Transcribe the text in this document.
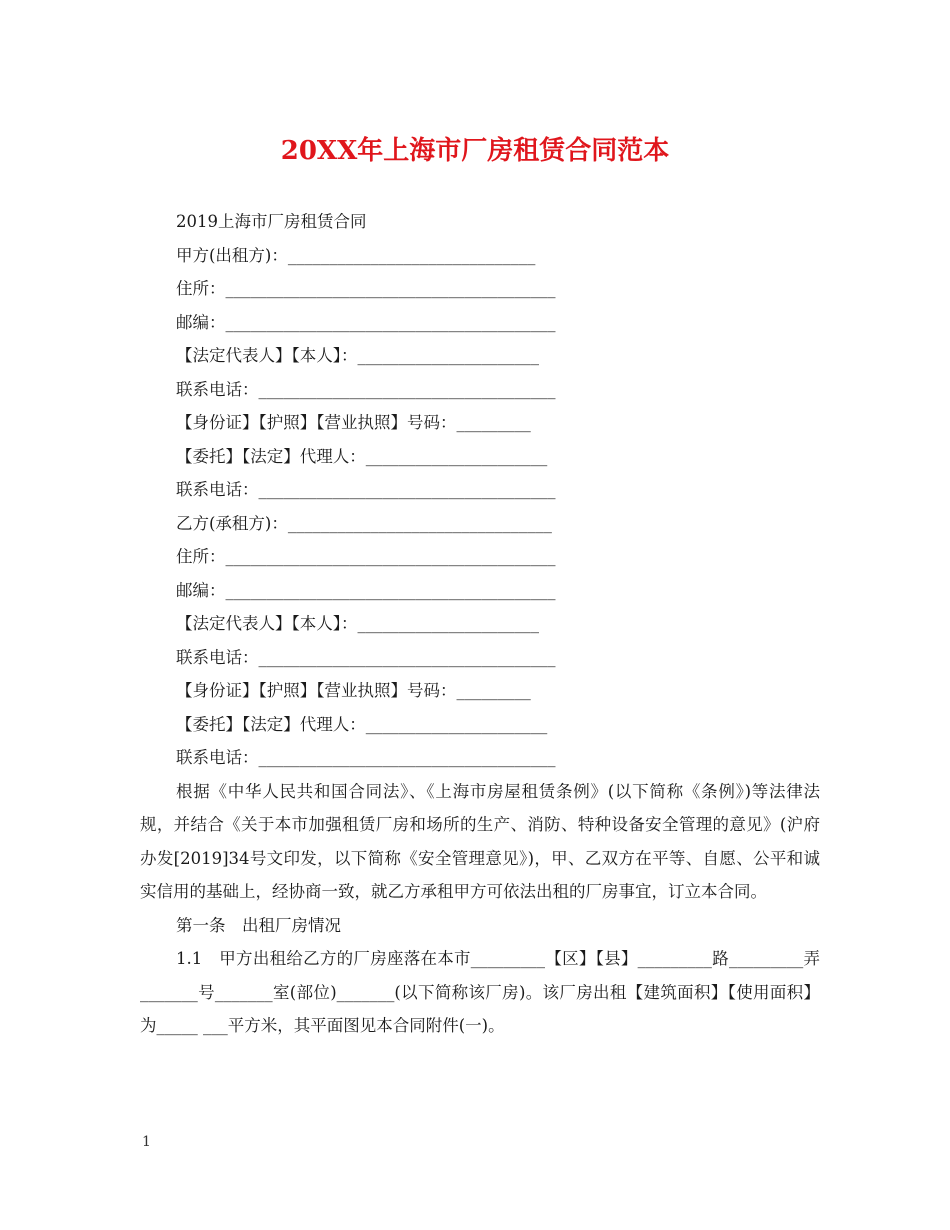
20XX年上海市厂房租赁合同范本

2019上海市厂房租赁合同

甲方(出租方)：______________________________

住所：________________________________________

邮编：________________________________________

【法定代表人】【本人】：______________________

联系电话：____________________________________

【身份证】【护照】【营业执照】号码：_________

【委托】【法定】代理人：______________________

联系电话：____________________________________

乙方(承租方)：________________________________

住所：________________________________________

邮编：________________________________________

【法定代表人】【本人】：______________________

联系电话：____________________________________

【身份证】【护照】【营业执照】号码：_________

【委托】【法定】代理人：______________________

联系电话：____________________________________

根据《中华人民共和国合同法》、《上海市房屋租赁条例》(以下简称《条例》)等法律法规，并结合《关于本市加强租赁厂房和场所的生产、消防、特种设备安全管理的意见》(沪府办发[2019]34号文印发，以下简称《安全管理意见》)，甲、乙双方在平等、自愿、公平和诚实信用的基础上，经协商一致，就乙方承租甲方可依法出租的厂房事宜，订立本合同。

第一条　出租厂房情况

1.1　甲方出租给乙方的厂房座落在本市_________【区】【县】_________路_________弄_______号_______室(部位)_______(以下简称该厂房)。该厂房出租【建筑面积】【使用面积】为_____ ___平方米，其平面图见本合同附件(一)。

1
